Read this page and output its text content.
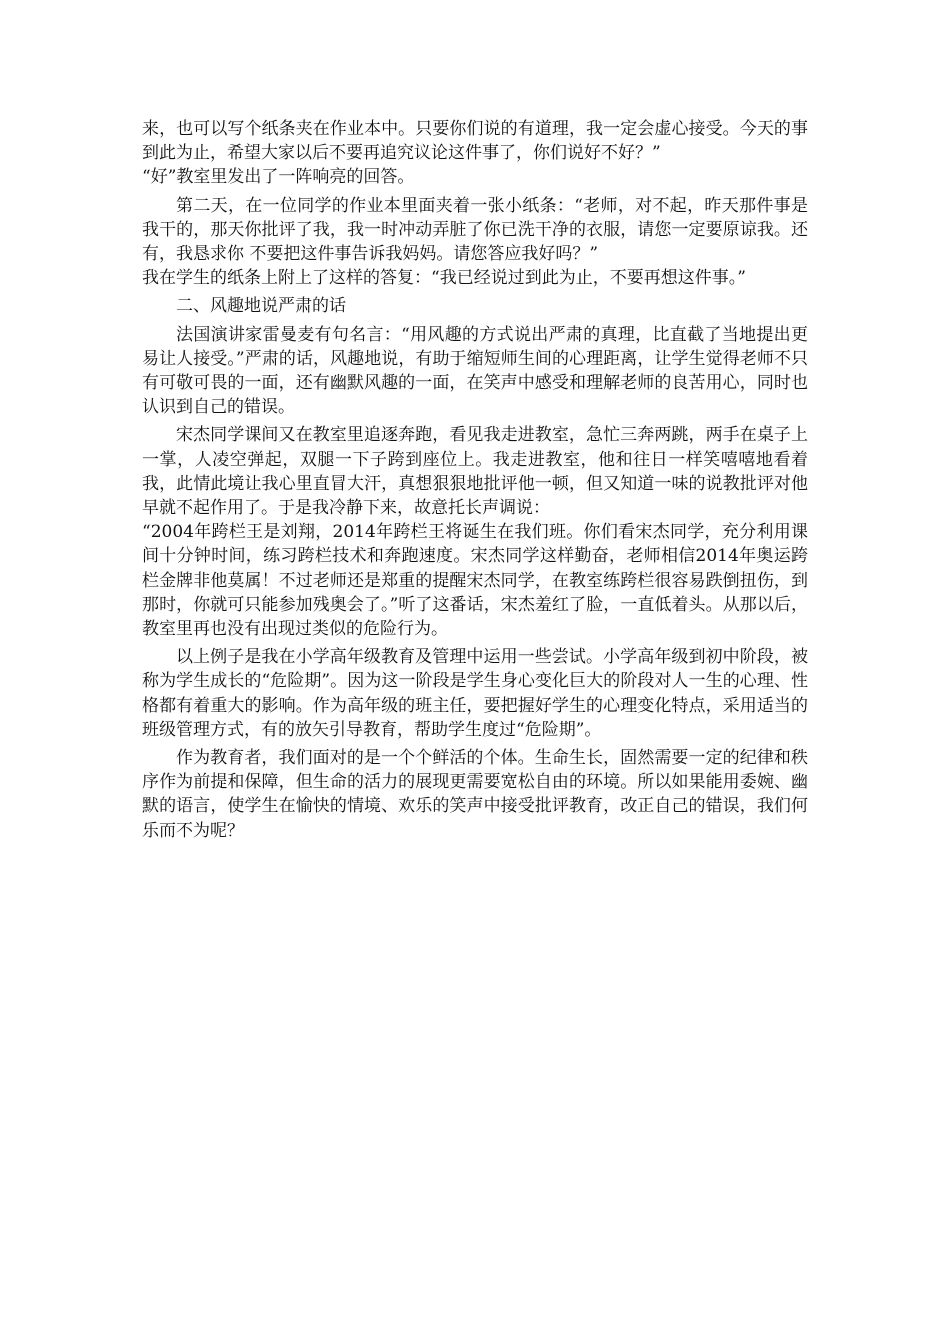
来，也可以写个纸条夹在作业本中。只要你们说的有道理，我一定会虚心接受。今天的事到此为止，希望大家以后不要再追究议论这件事了，你们说好不好？”

“好”教室里发出了一阵响亮的回答。

第二天，在一位同学的作业本里面夹着一张小纸条：“老师，对不起，昨天那件事是我干的，那天你批评了我，我一时冲动弄脏了你已洗干净的衣服，请您一定要原谅我。还有，我恳求你 不要把这件事告诉我妈妈。请您答应我好吗？”

我在学生的纸条上附上了这样的答复：“我已经说过到此为止，不要再想这件事。”

二、风趣地说严肃的话

法国演讲家雷曼麦有句名言：“用风趣的方式说出严肃的真理，比直截了当地提出更易让人接受。”严肃的话，风趣地说，有助于缩短师生间的心理距离，让学生觉得老师不只有可敬可畏的一面，还有幽默风趣的一面，在笑声中感受和理解老师的良苦用心，同时也认识到自己的错误。

宋杰同学课间又在教室里追逐奔跑，看见我走进教室，急忙三奔两跳，两手在桌子上一掌，人凌空弹起，双腿一下子跨到座位上。我走进教室，他和往日一样笑嘻嘻地看着我，此情此境让我心里直冒大汗，真想狠狠地批评他一顿，但又知道一味的说教批评对他早就不起作用了。于是我冷静下来，故意托长声调说：

“2004年跨栏王是刘翔，2014年跨栏王将诞生在我们班。你们看宋杰同学，充分利用课间十分钟时间，练习跨栏技术和奔跑速度。宋杰同学这样勤奋，老师相信2014年奥运跨栏金牌非他莫属！不过老师还是郑重的提醒宋杰同学，在教室练跨栏很容易跌倒扭伤，到那时，你就可只能参加残奥会了。”听了这番话，宋杰羞红了脸，一直低着头。从那以后，教室里再也没有出现过类似的危险行为。

以上例子是我在小学高年级教育及管理中运用一些尝试。小学高年级到初中阶段，被称为学生成长的“危险期”。因为这一阶段是学生身心变化巨大的阶段对人一生的心理、性格都有着重大的影响。作为高年级的班主任，要把握好学生的心理变化特点，采用适当的班级管理方式，有的放矢引导教育，帮助学生度过“危险期”。

作为教育者，我们面对的是一个个鲜活的个体。生命生长，固然需要一定的纪律和秩序作为前提和保障，但生命的活力的展现更需要宽松自由的环境。所以如果能用委婉、幽默的语言，使学生在愉快的情境、欢乐的笑声中接受批评教育，改正自己的错误，我们何乐而不为呢？
